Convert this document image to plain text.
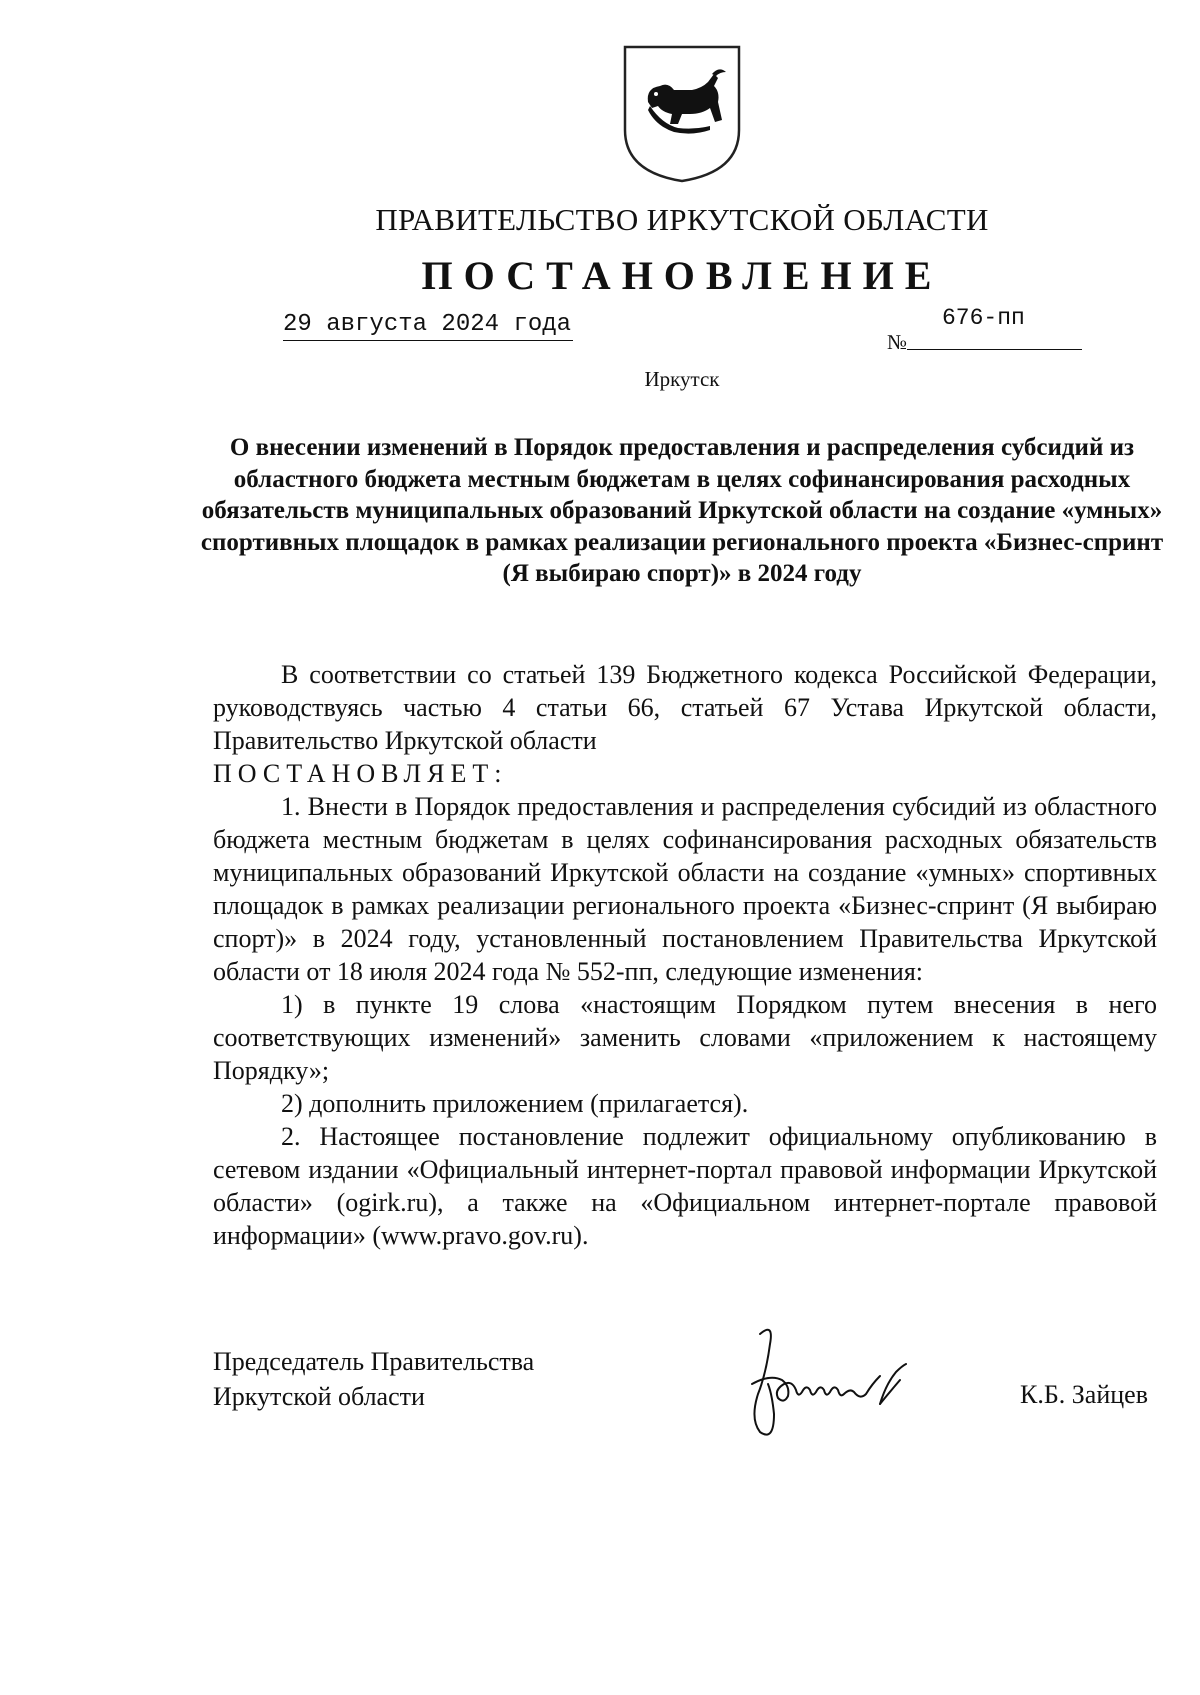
ПРАВИТЕЛЬСТВО ИРКУТСКОЙ ОБЛАСТИ
ПОСТАНОВЛЕНИЕ
29 августа 2024 года
№
676-пп
Иркутск
О внесении изменений в Порядок предоставления и распределения субсидий из областного бюджета местным бюджетам в целях софинансирования расходных обязательств муниципальных образований Иркутской области на создание «умных» спортивных площадок в рамках реализации регионального проекта «Бизнес-спринт (Я выбираю спорт)» в 2024 году

В соответствии со статьей 139 Бюджетного кодекса Российской Федерации, руководствуясь частью 4 статьи 66, статьей 67 Устава Иркутской области, Правительство Иркутской области

ПОСТАНОВЛЯЕТ:

1. Внести в Порядок предоставления и распределения субсидий из областного бюджета местным бюджетам в целях софинансирования расходных обязательств муниципальных образований Иркутской области на создание «умных» спортивных площадок в рамках реализации регионального проекта «Бизнес-спринт (Я выбираю спорт)» в 2024 году, установленный постановлением Правительства Иркутской области от 18 июля 2024 года № 552-пп, следующие изменения:

1) в пункте 19 слова «настоящим Порядком путем внесения в него соответствующих изменений» заменить словами «приложением к настоящему Порядку»;

2) дополнить приложением (прилагается).

2. Настоящее постановление подлежит официальному опубликованию в сетевом издании «Официальный интернет-портал правовой информации Иркутской области» (ogirk.ru), а также на «Официальном интернет-портале правовой информации» (www.pravo.gov.ru).

Председатель Правительства
Иркутской области	К.Б. Зайцев
